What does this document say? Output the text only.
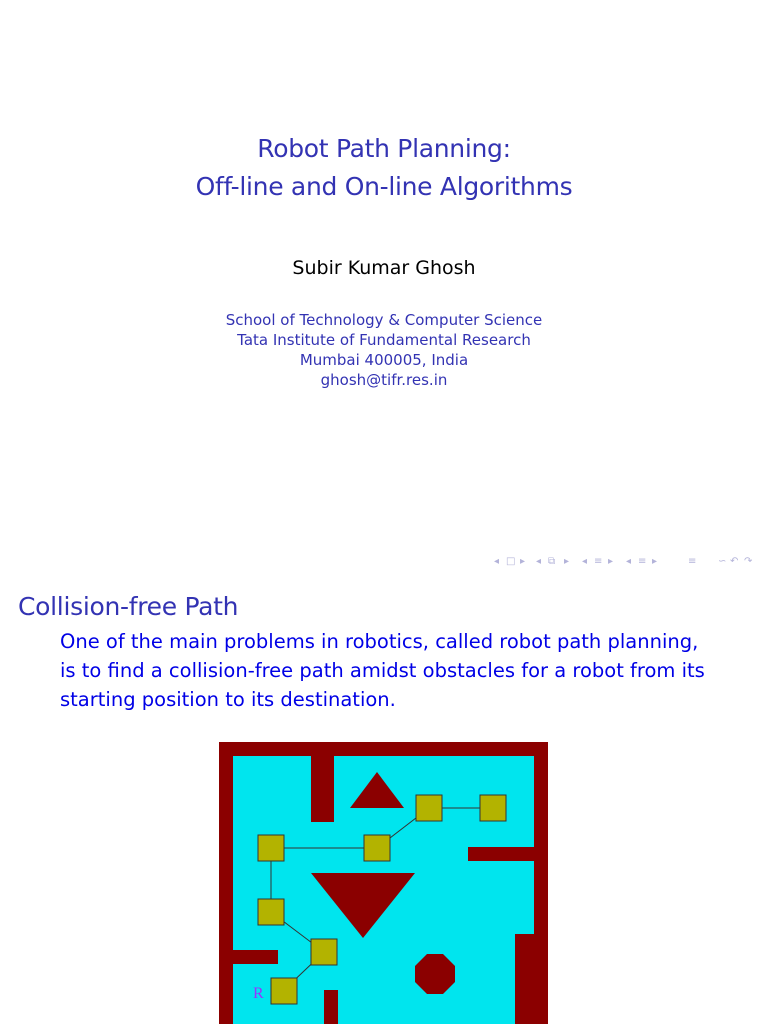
Robot Path Planning:
Off-line and On-line Algorithms
Subir Kumar Ghosh
School of Technology & Computer Science
Tata Institute of Fundamental Research
Mumbai 400005, India
ghosh@tifr.res.in
◂ □ ▸ ◂ ⧉ ▸ ◂ ≡ ▸ ◂ ≡ ▸	≡ ∽ ↶ ↷
Collision-free Path
One of the main problems in robotics, called robot path planning,
is to find a collision-free path amidst obstacles for a robot from its
starting position to its destination.
R
